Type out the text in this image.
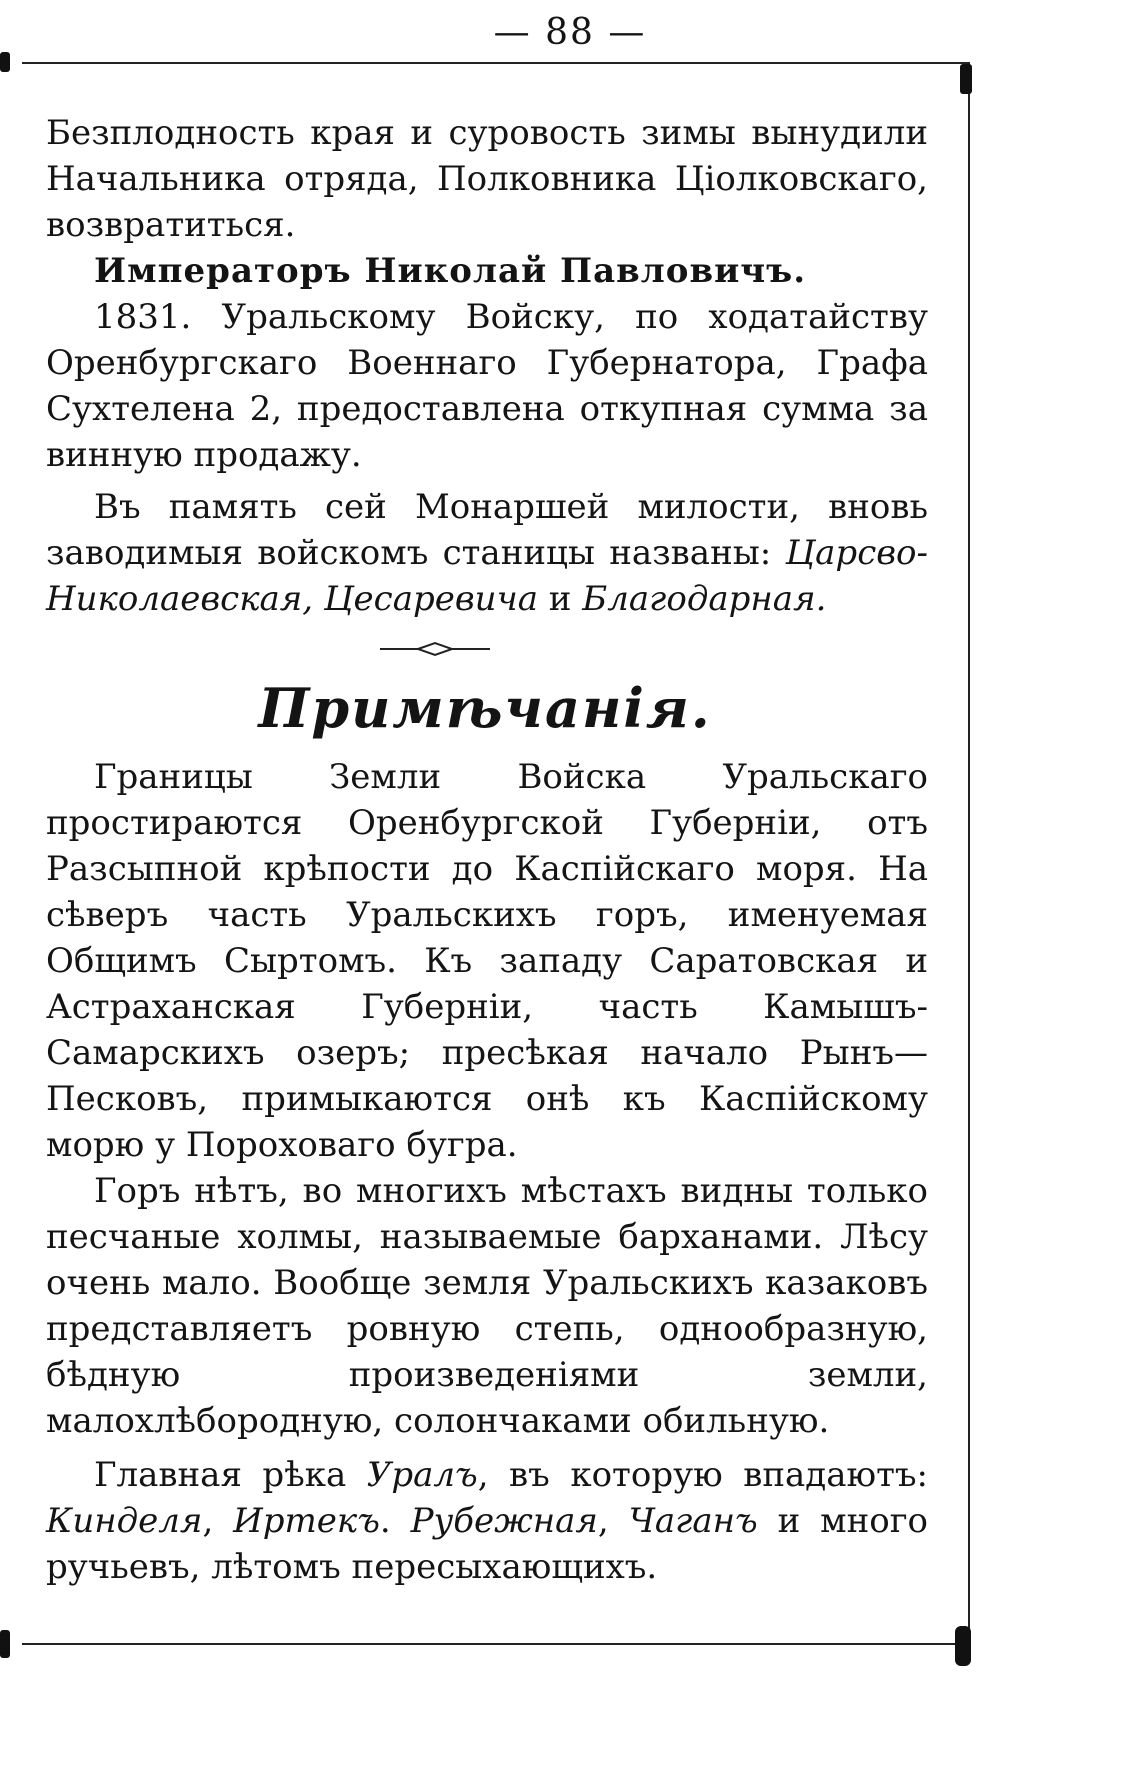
— 88 —

Безплодность края и суровость зимы вынудили Начальника отряда, Полковника Цiолковскаго, возвратиться.

Императоръ Николай Павловичъ.

1831. Уральскому Войску, по ходатайству Оренбургскаго Военнаго Губернатора, Графа Сухтелена 2, предоставлена откупная сумма за винную продажу.

Въ память сей Монаршей милости, вновь заводимыя войскомъ станицы названы: Царсво-Николаевская, Цесаревича и Благодарная.

Примѣчанiя.

Границы Земли Войска Уральскаго простираются Оренбургской Губернiи, отъ Разсыпной крѣпости до Каспiйскаго моря. На сѣверъ часть Уральскихъ горъ, именуемая Общимъ Сыртомъ. Къ западу Саратовская и Астраханская Губернiи, часть Камышъ-Самарскихъ озеръ; пресѣкая начало Рынъ—Песковъ, примыкаются онѣ къ Каспiйскому морю у Пороховаго бугра.

Горъ нѣтъ, во многихъ мѣстахъ видны только песчаные холмы, называемые барханами. Лѣсу очень мало. Вообще земля Уральскихъ казаковъ представляетъ ровную степь, однообразную, бѣдную произведенiями земли, малохлѣбородную, солончаками обильную.

Главная рѣка Уралъ, въ которую впадаютъ: Кинделя, Иртекъ. Рубежная, Чаганъ и много ручьевъ, лѣтомъ пересыхающихъ.
